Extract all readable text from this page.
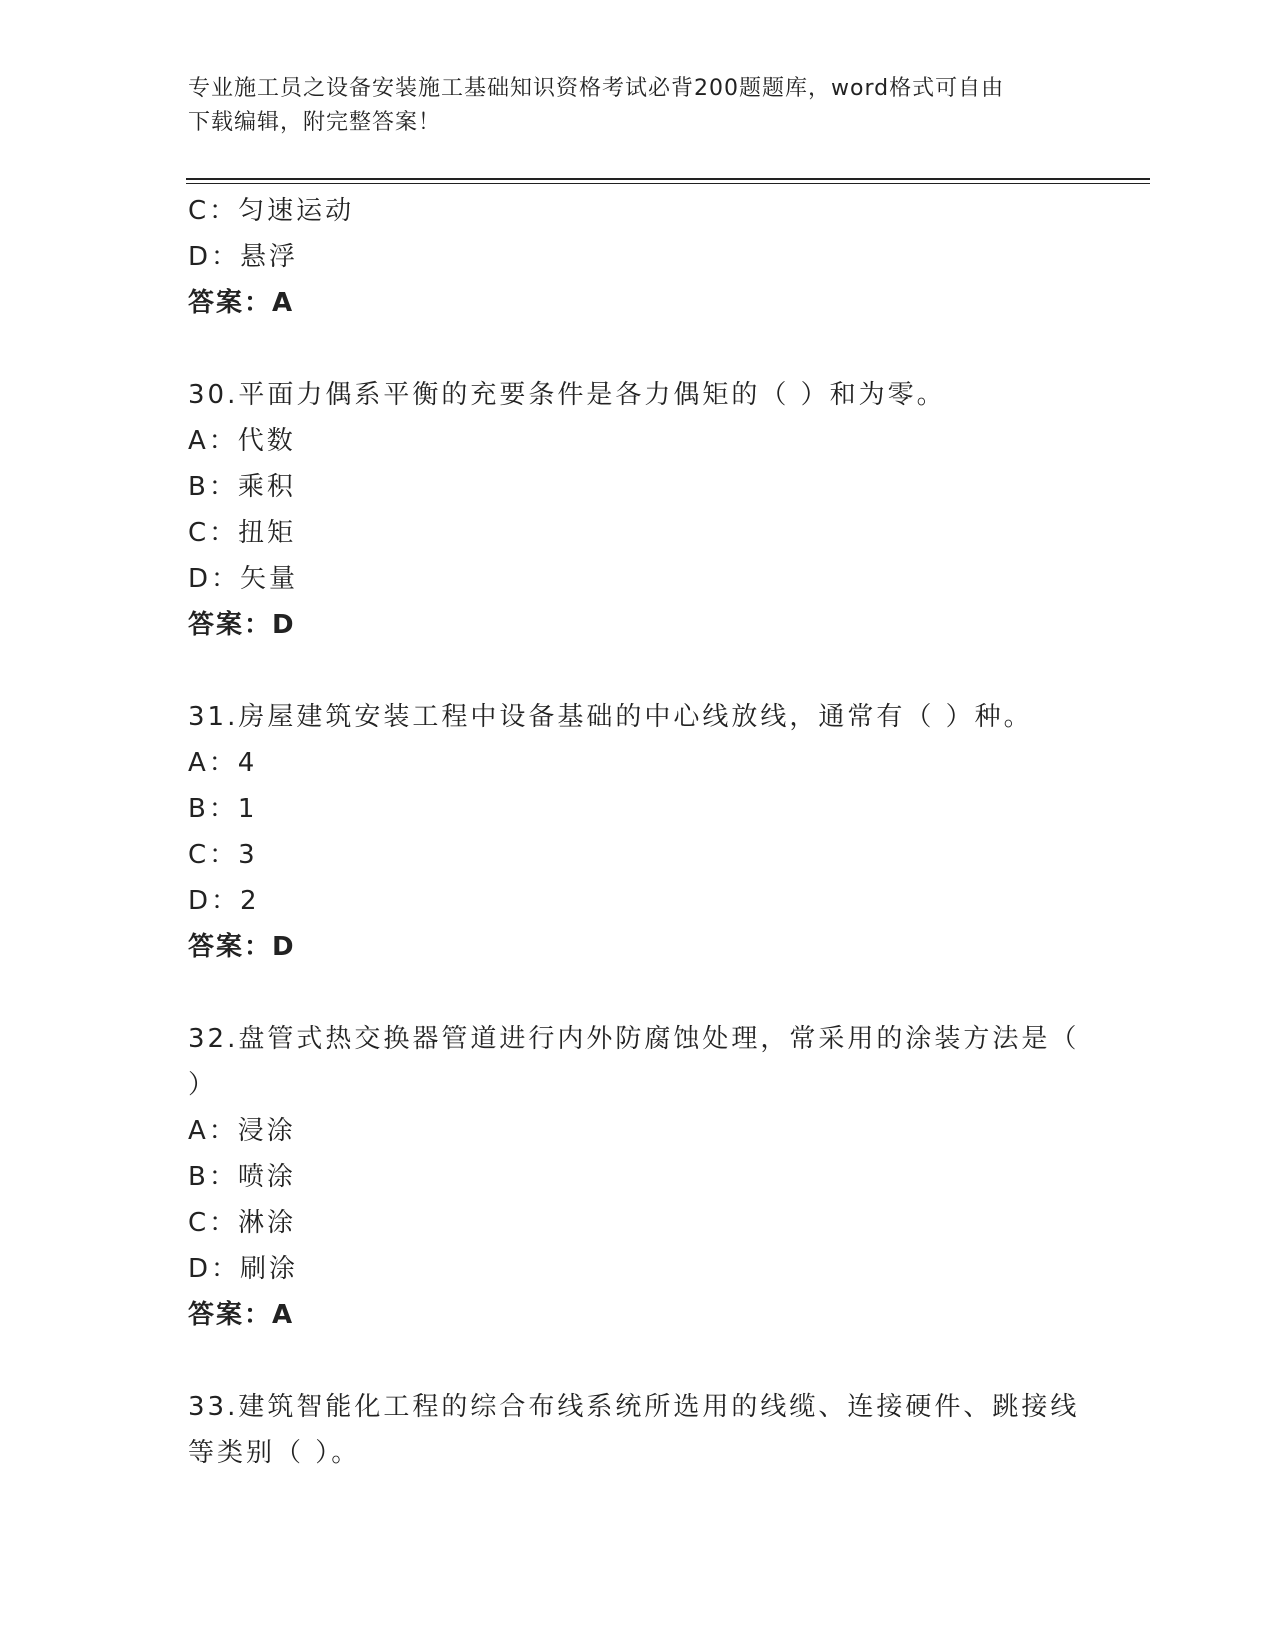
专业施工员之设备安装施工基础知识资格考试必背200题题库，word格式可自由
下载编辑，附完整答案！
C：匀速运动
D：悬浮
答案：A
30.平面力偶系平衡的充要条件是各力偶矩的（ ）和为零。
A：代数
B：乘积
C：扭矩
D：矢量
答案：D
31.房屋建筑安装工程中设备基础的中心线放线，通常有（ ）种。
A：4
B：1
C：3
D：2
答案：D
32.盘管式热交换器管道进行内外防腐蚀处理，常采用的涂装方法是（ ）
A：浸涂
B：喷涂
C：淋涂
D：刷涂
答案：A
33.建筑智能化工程的综合布线系统所选用的线缆、连接硬件、跳接线等类别（ ）。
